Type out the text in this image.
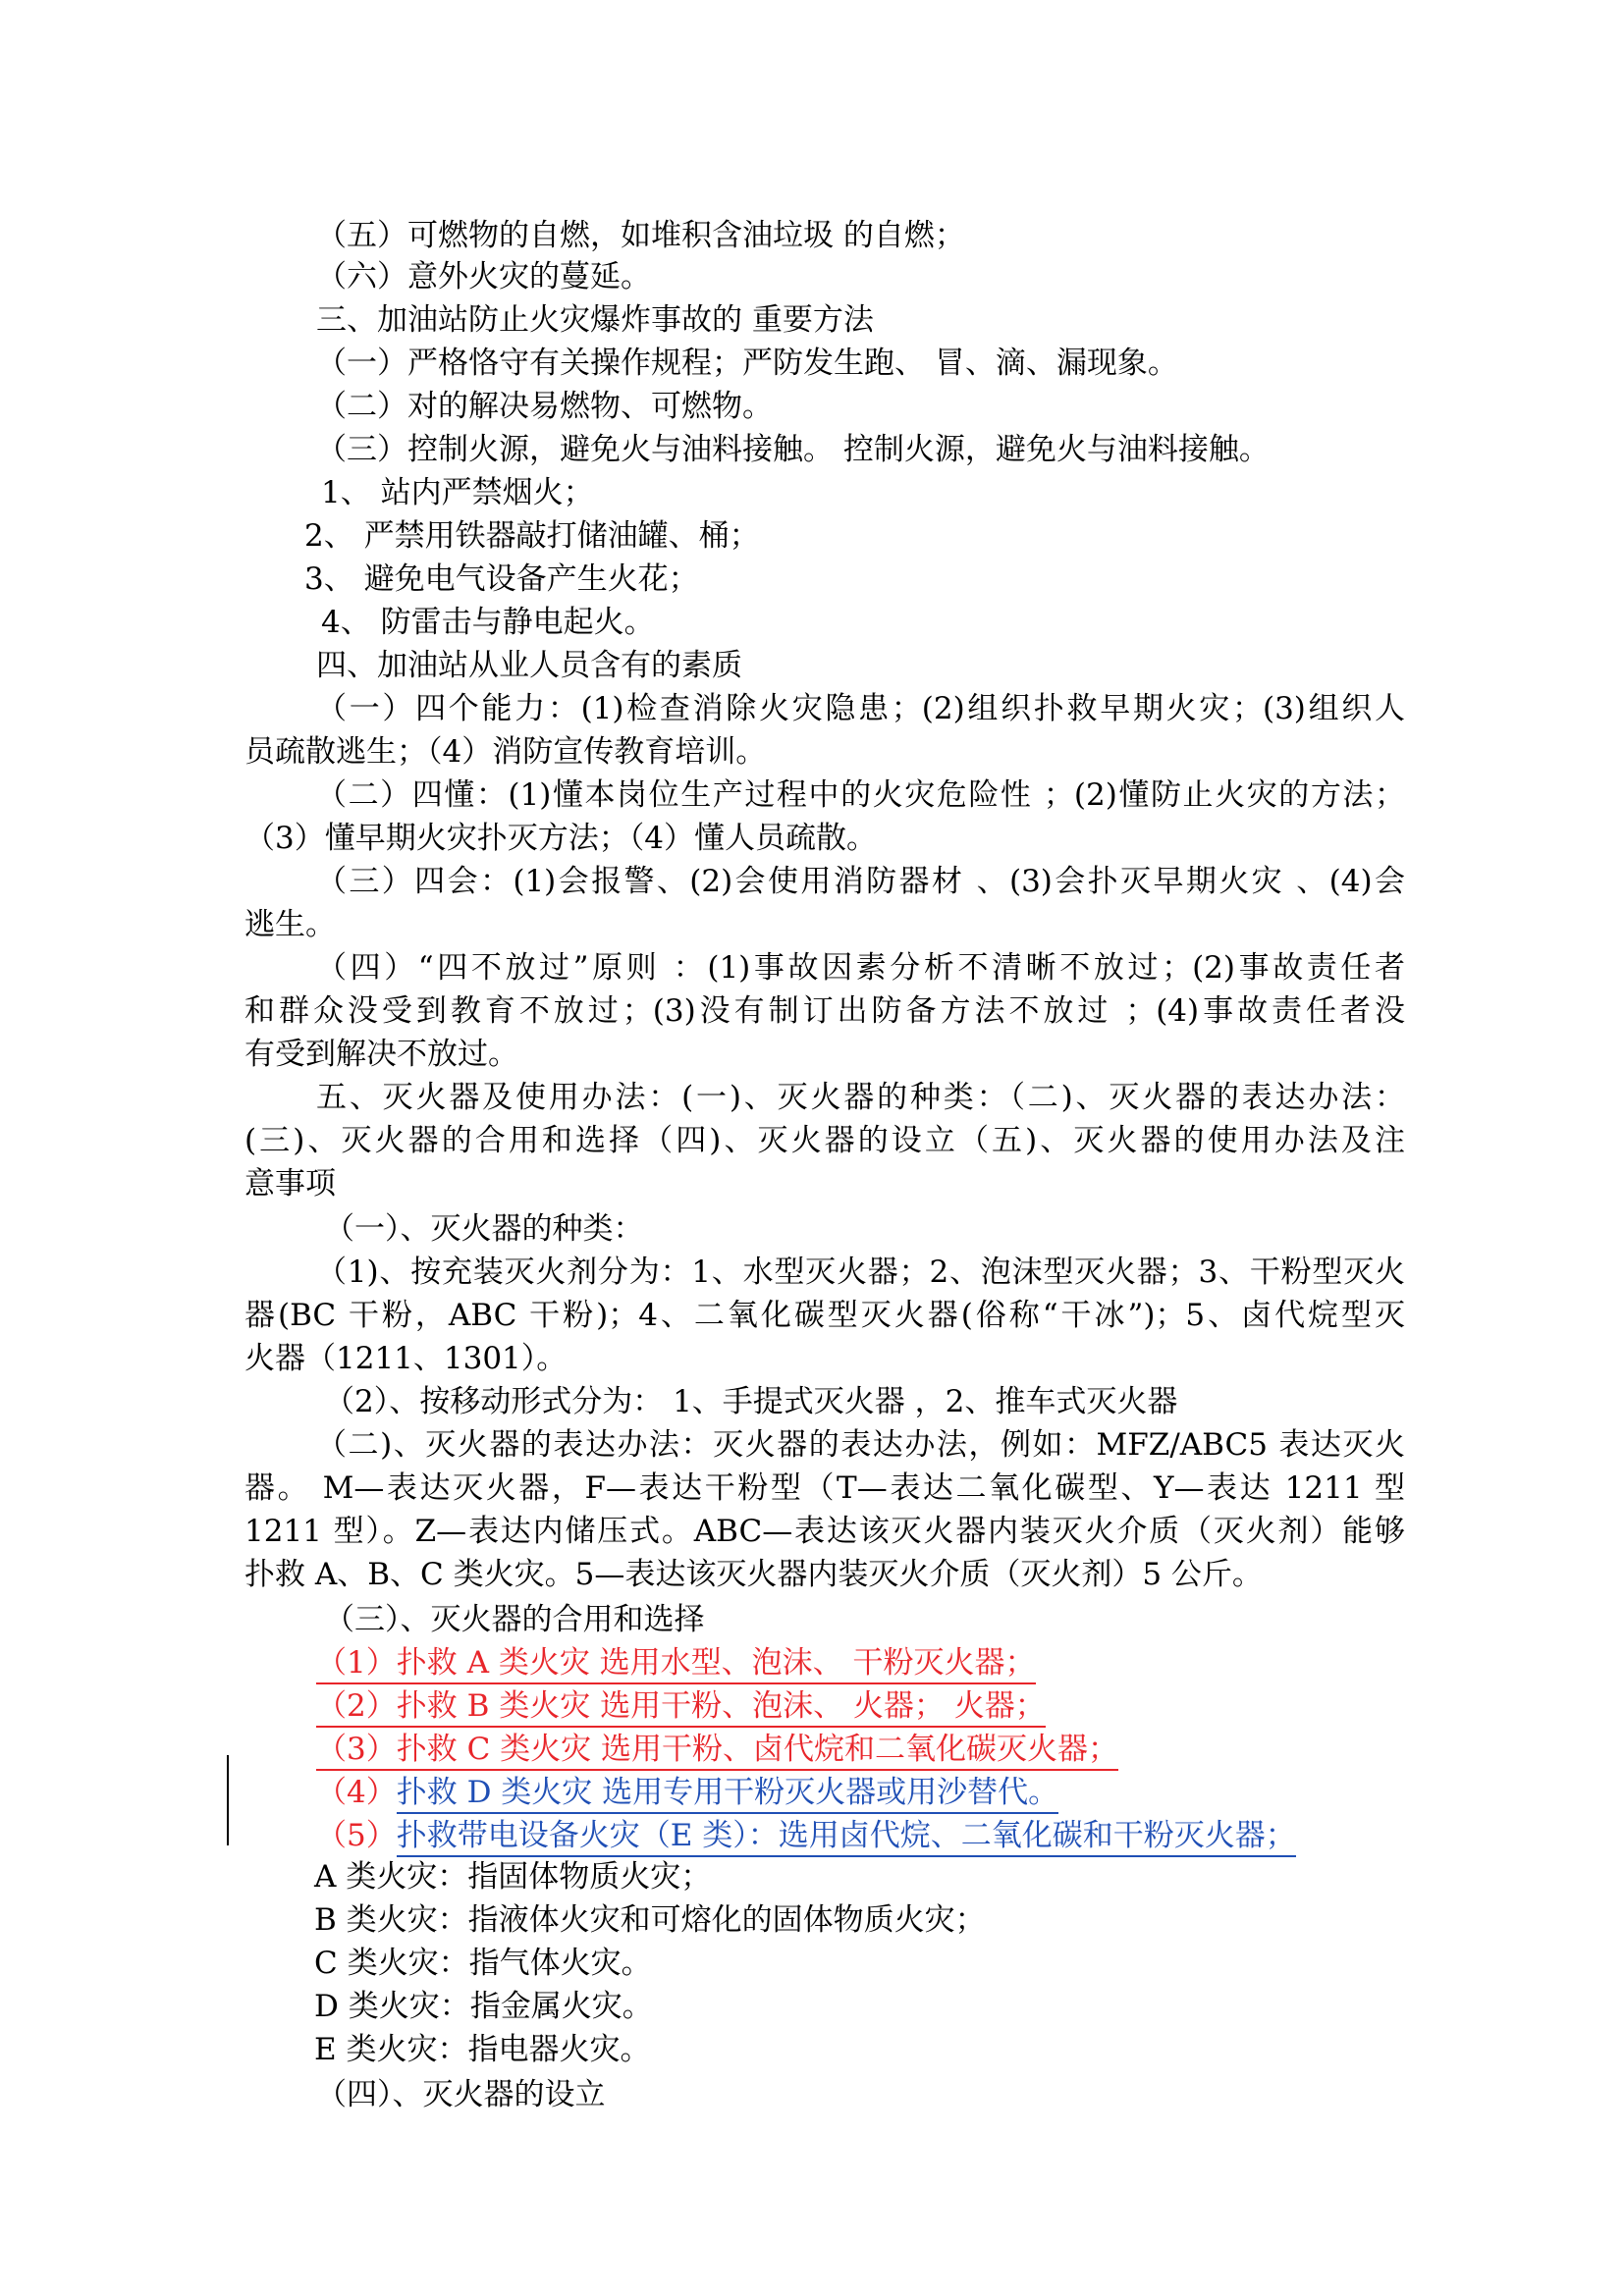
（五）可燃物的自燃，如堆积含油垃圾 的自燃；
（六）意外火灾的蔓延。
三、加油站防止火灾爆炸事故的 重要方法
（一）严格恪守有关操作规程；严防发生跑、 冒、滴、漏现象。
（二）对的解决易燃物、可燃物。
（三）控制火源，避免火与油料接触。 控制火源，避免火与油料接触。
1、 站内严禁烟火；
2、 严禁用铁器敲打储油罐、桶；
3、 避免电气设备产生火花；
4、 防雷击与静电起火。
四、加油站从业人员含有的素质
（一）四个能力：(1)检查消除火灾隐患；(2)组织扑救早期火灾；(3)组织人
员疏散逃生；（4）消防宣传教育培训。
（二）四懂：(1)懂本岗位生产过程中的火灾危险性 ；(2)懂防止火灾的方法；
（3）懂早期火灾扑灭方法；（4）懂人员疏散。
（三）四会：(1)会报警、(2)会使用消防器材 、(3)会扑灭早期火灾 、(4)会
逃生。
（四）“四不放过”原则 ：(1)事故因素分析不清晰不放过；(2)事故责任者
和群众没受到教育不放过；(3)没有制订出防备方法不放过 ；(4)事故责任者没
有受到解决不放过。
五、灭火器及使用办法：(一)、灭火器的种类：（二)、灭火器的表达办法：
(三)、灭火器的合用和选择（四)、灭火器的设立（五)、灭火器的使用办法及注
意事项
（一）、灭火器的种类：
（1)、按充装灭火剂分为：1、水型灭火器；2、泡沫型灭火器；3、干粉型灭火
器(BC 干粉，ABC 干粉)；4、二氧化碳型灭火器(俗称“干冰”)；5、卤代烷型灭
火器（1211、1301）。
（2）、按移动形式分为： 1、手提式灭火器 ，2、推车式灭火器
（二)、灭火器的表达办法：灭火器的表达办法，例如：MFZ/ABC5 表达灭火
器。 M—表达灭火器，F—表达干粉型（T—表达二氧化碳型、Y—表达 1211 型
1211 型）。Z—表达内储压式。ABC—表达该灭火器内装灭火介质（灭火剂）能够
扑救 A、B、C 类火灾。5—表达该灭火器内装灭火介质（灭火剂）5 公斤。
（三）、灭火器的合用和选择
（1）扑救 A 类火灾 选用水型、泡沫、 干粉灭火器；
（2）扑救 B 类火灾 选用干粉、泡沫、 火器； 火器；
（3）扑救 C 类火灾 选用干粉、卤代烷和二氧化碳灭火器；
（4）扑救 D 类火灾 选用专用干粉灭火器或用沙替代。
（5）扑救带电设备火灾（E 类）：选用卤代烷、二氧化碳和干粉灭火器；
A 类火灾：指固体物质火灾；
B 类火灾：指液体火灾和可熔化的固体物质火灾；
C 类火灾：指气体火灾。
D 类火灾：指金属火灾。
E 类火灾：指电器火灾。
（四）、灭火器的设立
